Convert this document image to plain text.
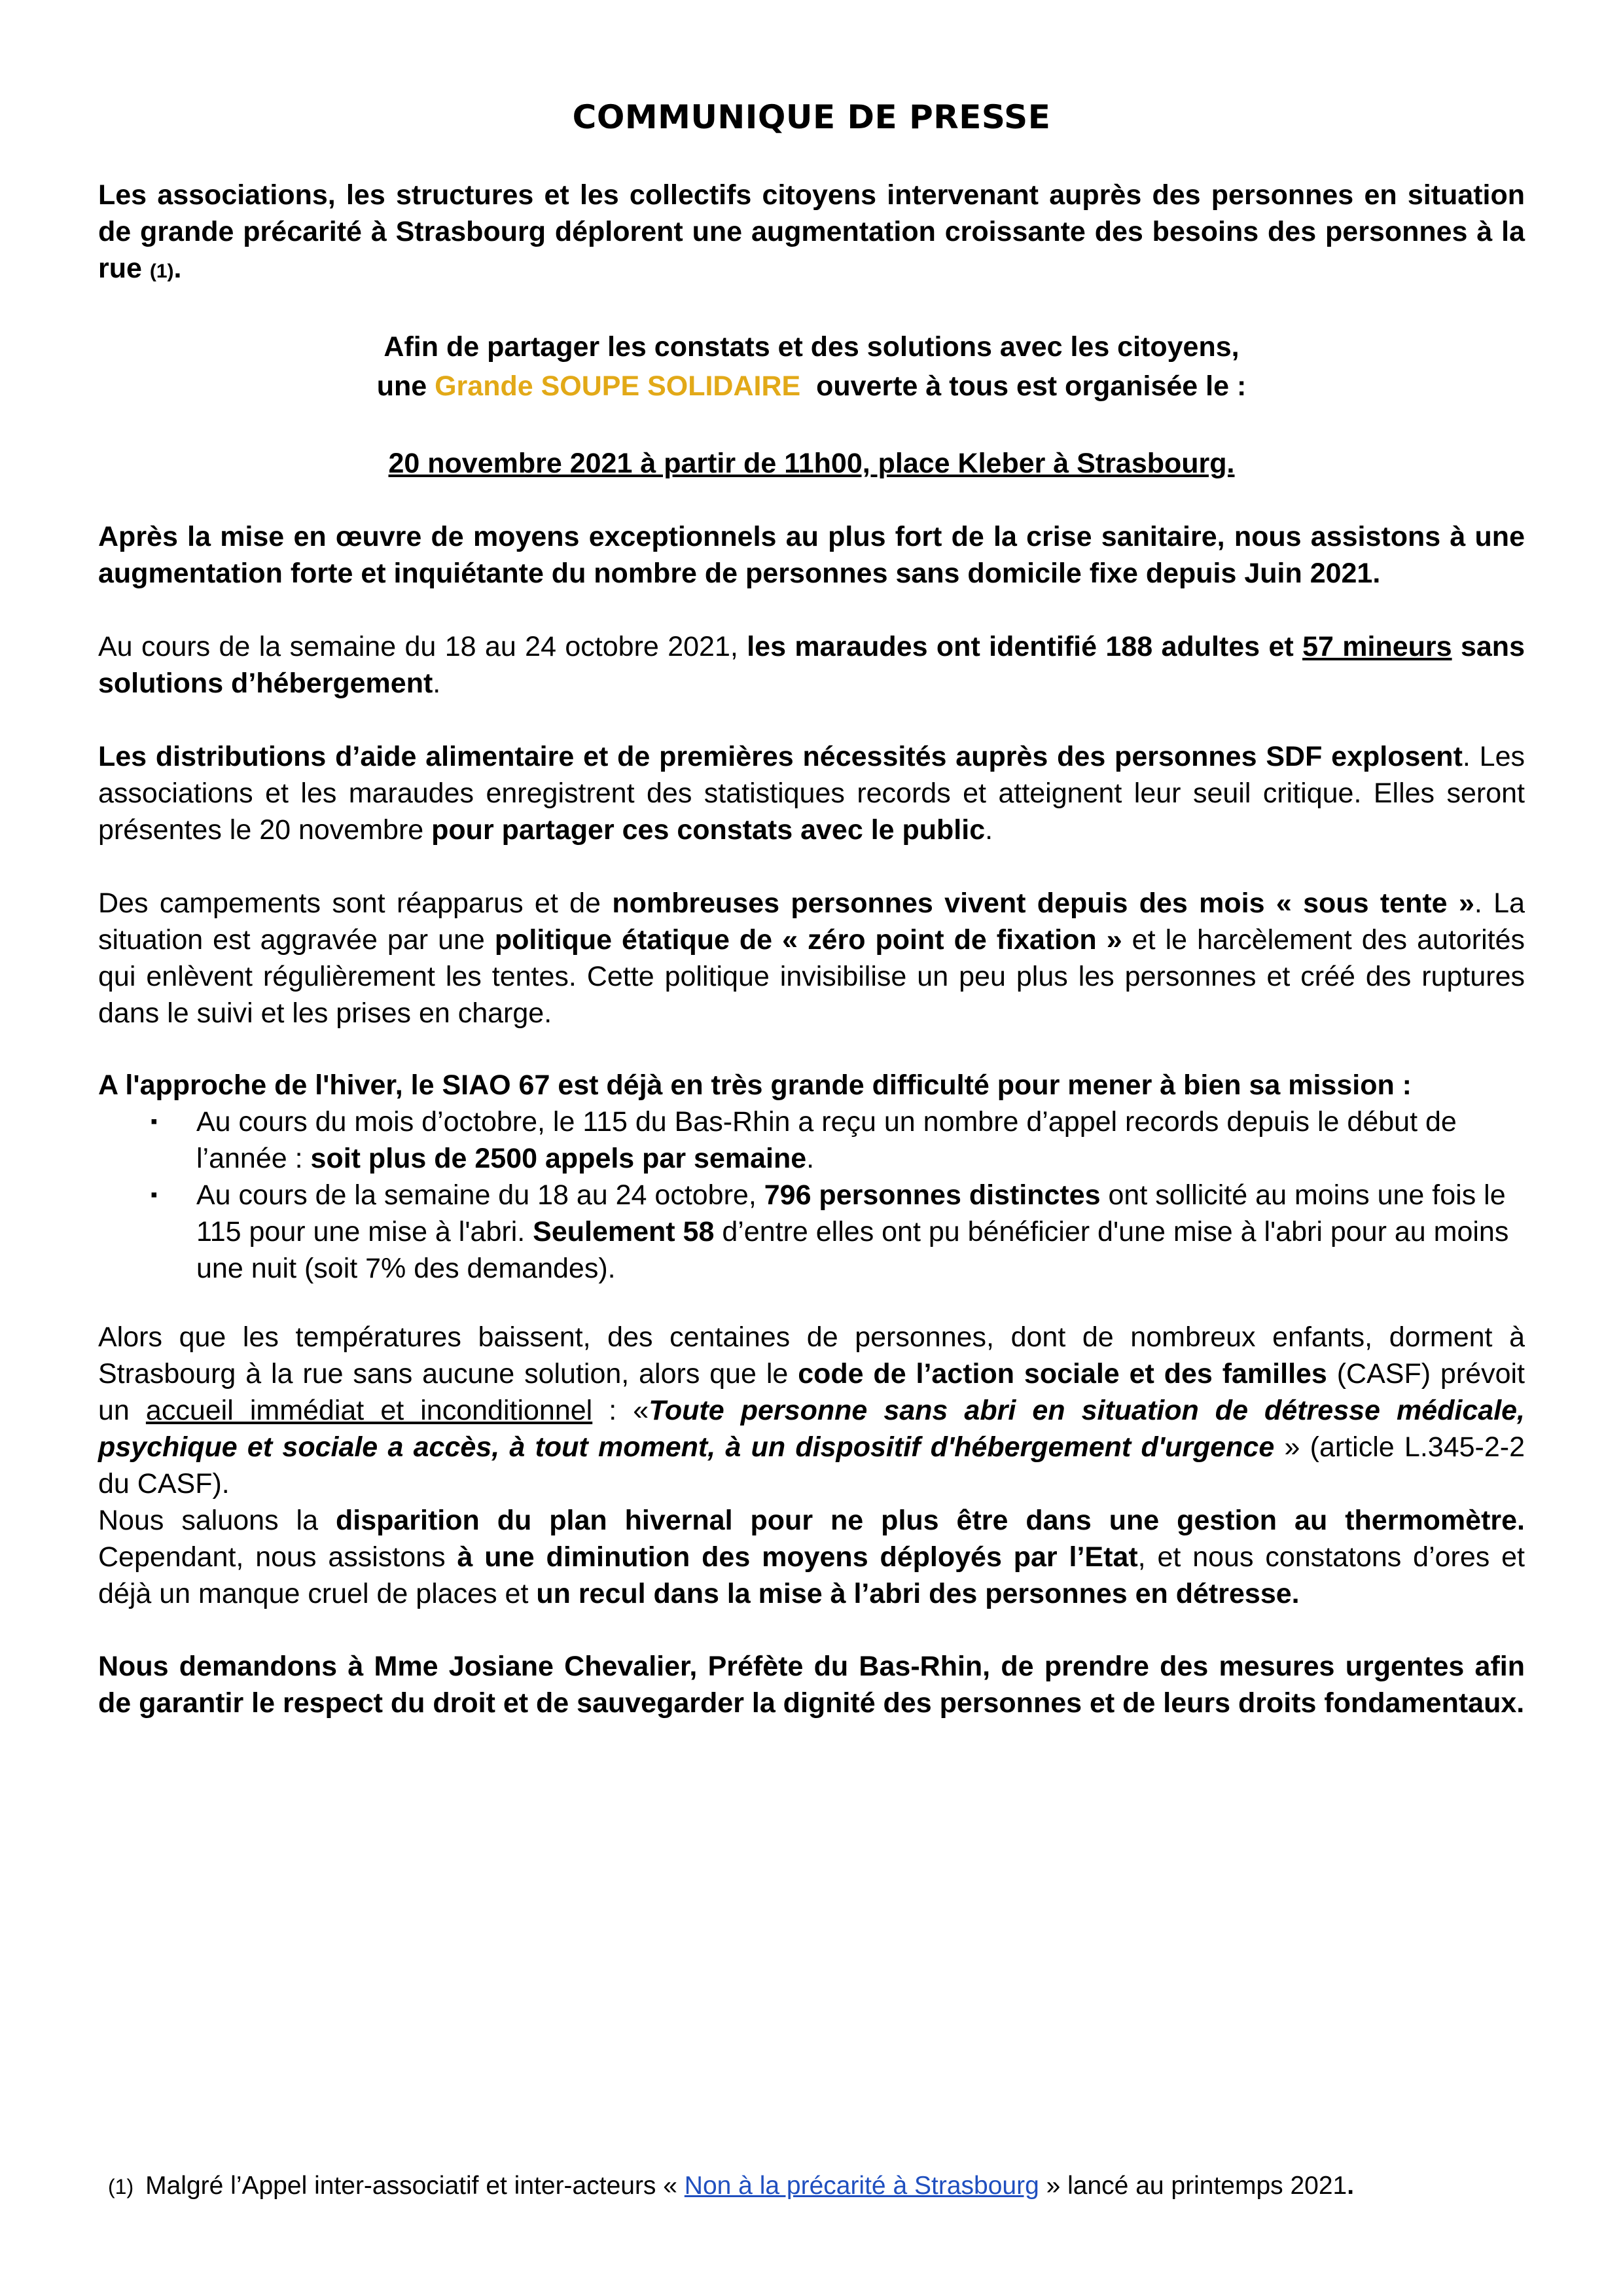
COMMUNIQUE DE PRESSE

Les associations, les structures et les collectifs citoyens intervenant auprès des personnes en situation de grande précarité à Strasbourg déplorent une augmentation croissante des besoins des personnes à la rue (1).

Afin de partager les constats et des solutions avec les citoyens,
une Grande SOUPE SOLIDAIRE  ouverte à tous est organisée le :
20 novembre 2021 à partir de 11h00, place Kleber à Strasbourg.

Après la mise en œuvre de moyens exceptionnels au plus fort de la crise sanitaire, nous assistons à une augmentation forte et inquiétante du nombre de personnes sans domicile fixe depuis Juin 2021.

Au cours de la semaine du 18 au 24 octobre 2021, les maraudes ont identifié 188 adultes et 57 mineurs sans solutions d’hébergement.

Les distributions d’aide alimentaire et de premières nécessités auprès des personnes SDF explosent. Les associations et les maraudes enregistrent des statistiques records et atteignent leur seuil critique. Elles seront présentes le 20 novembre pour partager ces constats avec le public.

Des campements sont réapparus et de nombreuses personnes vivent depuis des mois « sous tente ». La situation est aggravée par une politique étatique de « zéro point de fixation » et le harcèlement des autorités qui enlèvent régulièrement les tentes. Cette politique invisibilise un peu plus les personnes et créé des ruptures dans le suivi et les prises en charge.

A l'approche de l'hiver, le SIAO 67 est déjà en très grande difficulté pour mener à bien sa mission :

▪ Au cours du mois d’octobre, le 115 du Bas-Rhin a reçu un nombre d’appel records depuis le début de l’année : soit plus de 2500 appels par semaine.
▪ Au cours de la semaine du 18 au 24 octobre, 796 personnes distinctes ont sollicité au moins une fois le 115 pour une mise à l'abri. Seulement 58 d’entre elles ont pu bénéficier d'une mise à l'abri pour au moins une nuit (soit 7% des demandes).

Alors que les températures baissent, des centaines de personnes, dont de nombreux enfants, dorment à Strasbourg à la rue sans aucune solution, alors que le code de l’action sociale et des familles (CASF) prévoit un accueil immédiat et inconditionnel : «Toute personne sans abri en situation de détresse médicale, psychique et sociale a accès, à tout moment, à un dispositif d'hébergement d'urgence » (article L.345-2-2 du CASF).

Nous saluons la disparition du plan hivernal pour ne plus être dans une gestion au thermomètre. Cependant, nous assistons à une diminution des moyens déployés par l’Etat, et nous constatons d’ores et déjà un manque cruel de places et un recul dans la mise à l’abri des personnes en détresse.

Nous demandons à Mme Josiane Chevalier, Préfète du Bas-Rhin, de prendre des mesures urgentes afin de garantir le respect du droit et de sauvegarder la dignité des personnes et de leurs droits fondamentaux.

(1) Malgré l’Appel inter-associatif et inter-acteurs « Non à la précarité à Strasbourg » lancé au printemps 2021.
